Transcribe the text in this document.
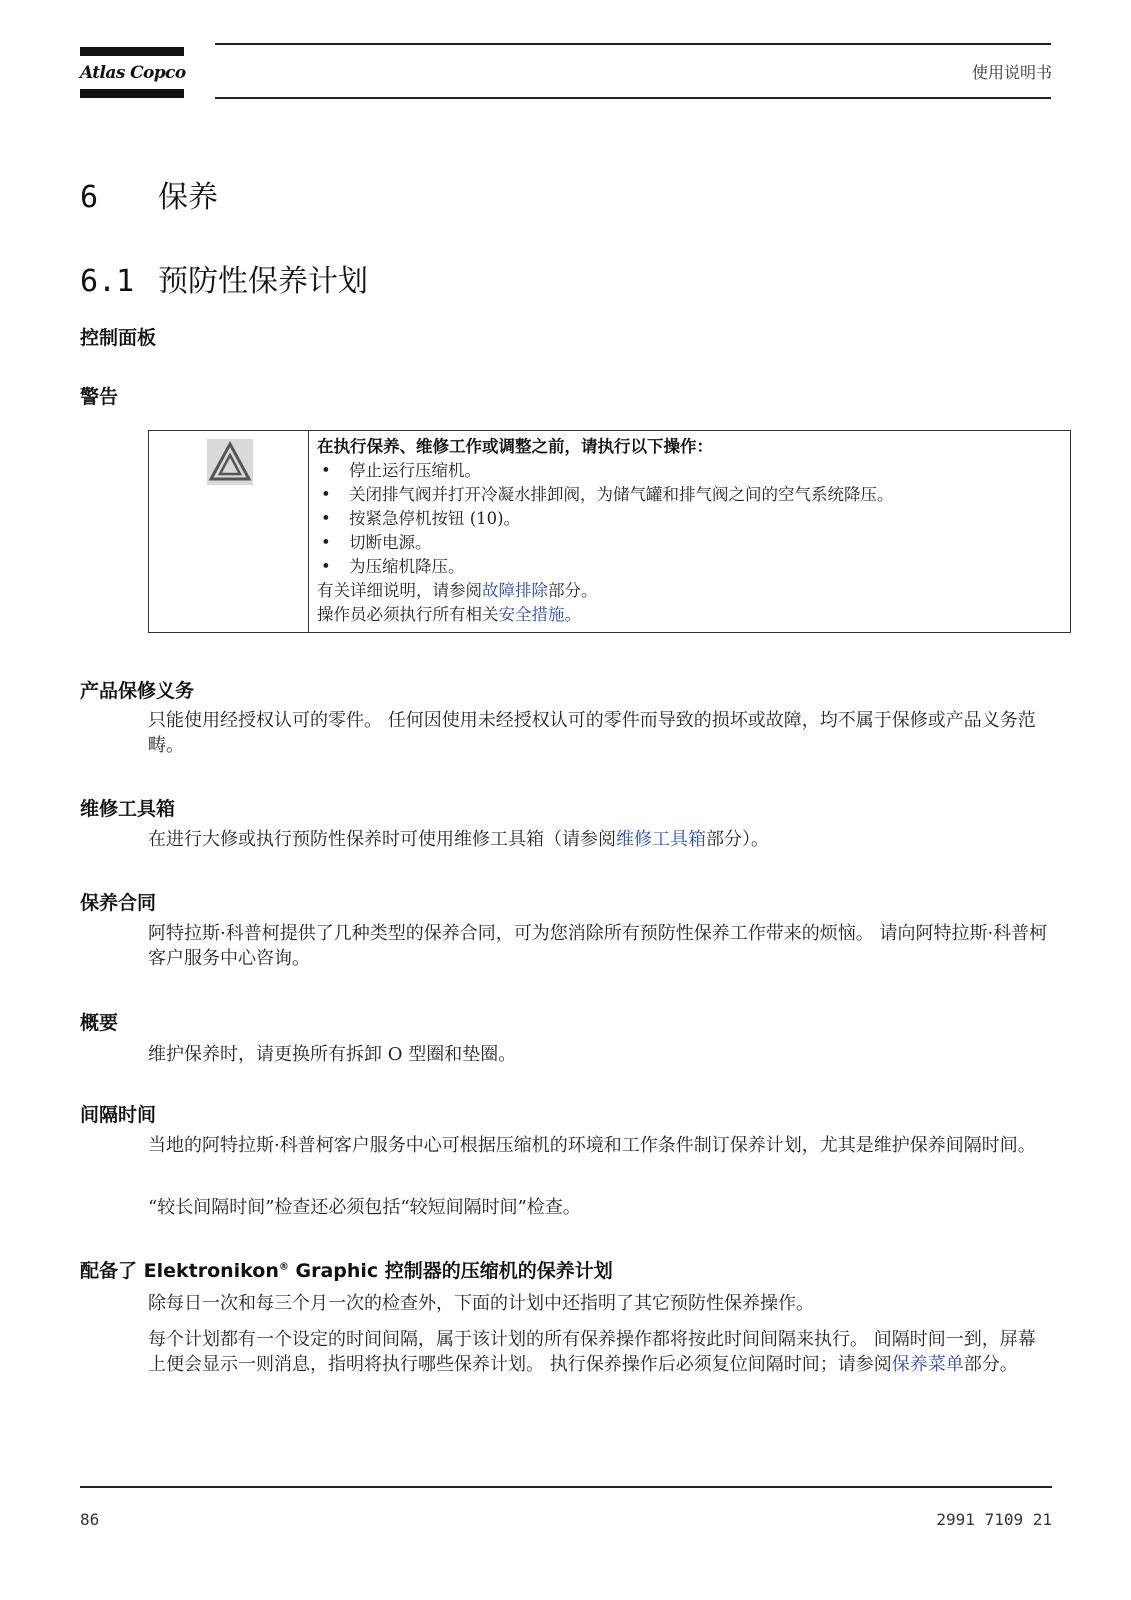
Atlas Copco	使用说明书
6 保养
6.1 预防性保养计划
控制面板
警告
在执行保养、维修工作或调整之前，请执行以下操作：
• 停止运行压缩机。
• 关闭排气阀并打开冷凝水排卸阀，为储气罐和排气阀之间的空气系统降压。
• 按紧急停机按钮 (10)。
• 切断电源。
• 为压缩机降压。
有关详细说明，请参阅故障排除部分。
操作员必须执行所有相关安全措施。
产品保修义务

只能使用经授权认可的零件。 任何因使用未经授权认可的零件而导致的损坏或故障，均不属于保修或产品义务范畴。

维修工具箱

在进行大修或执行预防性保养时可使用维修工具箱（请参阅维修工具箱部分）。

保养合同

阿特拉斯·科普柯提供了几种类型的保养合同，可为您消除所有预防性保养工作带来的烦恼。 请向阿特拉斯·科普柯客户服务中心咨询。

概要

维护保养时，请更换所有拆卸 O 型圈和垫圈。

间隔时间

当地的阿特拉斯·科普柯客户服务中心可根据压缩机的环境和工作条件制订保养计划，尤其是维护保养间隔时间。

“较长间隔时间”检查还必须包括“较短间隔时间”检查。

配备了 Elektronikon® Graphic 控制器的压缩机的保养计划

除每日一次和每三个月一次的检查外，下面的计划中还指明了其它预防性保养操作。

每个计划都有一个设定的时间间隔，属于该计划的所有保养操作都将按此时间间隔来执行。 间隔时间一到，屏幕上便会显示一则消息，指明将执行哪些保养计划。 执行保养操作后必须复位间隔时间；请参阅保养菜单部分。

86	2991 7109 21
